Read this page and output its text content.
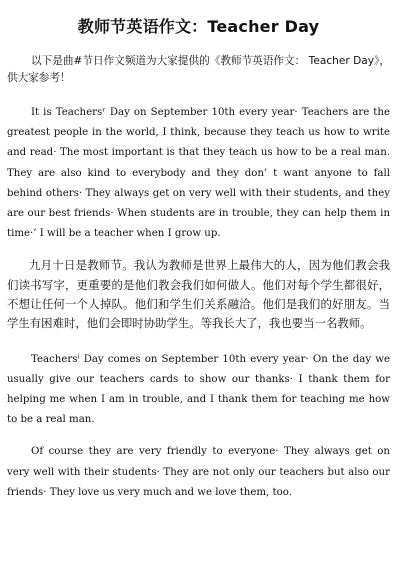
教师节英语作文：Teacher Day

以下是曲#节日作文频道为大家提供的《教师节英语作文： Teacher Day》，供大家参考！

It is Teachersʳ Day on September 10th every year· Teachers are the greatest people in the world, I think, because they teach us how to write and read· The most important is that they teach us how to be a real man. They are also kind to everybody and they don’ t want anyone to fall behind others· They always get on very well with their students, and they are our best friends· When students are in trouble, they can help them in time·’ I will be a teacher when I grow up.

九月十日是教师节。我认为教师是世界上最伟大的人，因为他们教会我们读书写字，更重要的是他们教会我们如何做人。他们对每个学生都很好，不想让任何一个人掉队。他们和学生们关系融洽。他们是我们的好朋友。当学生有困难时，他们会即时协助学生。等我长大了，我也要当一名教师。

Teachersⁱ Day comes on September 10th every year· On the day we usually give our teachers cards to show our thanks· I thank them for helping me when I am in trouble, and I thank them for teaching me how to be a real man.

Of course they are very friendly to everyone· They always get on very well with their students· They are not only our teachers but also our friends· They love us very much and we love them, too.
